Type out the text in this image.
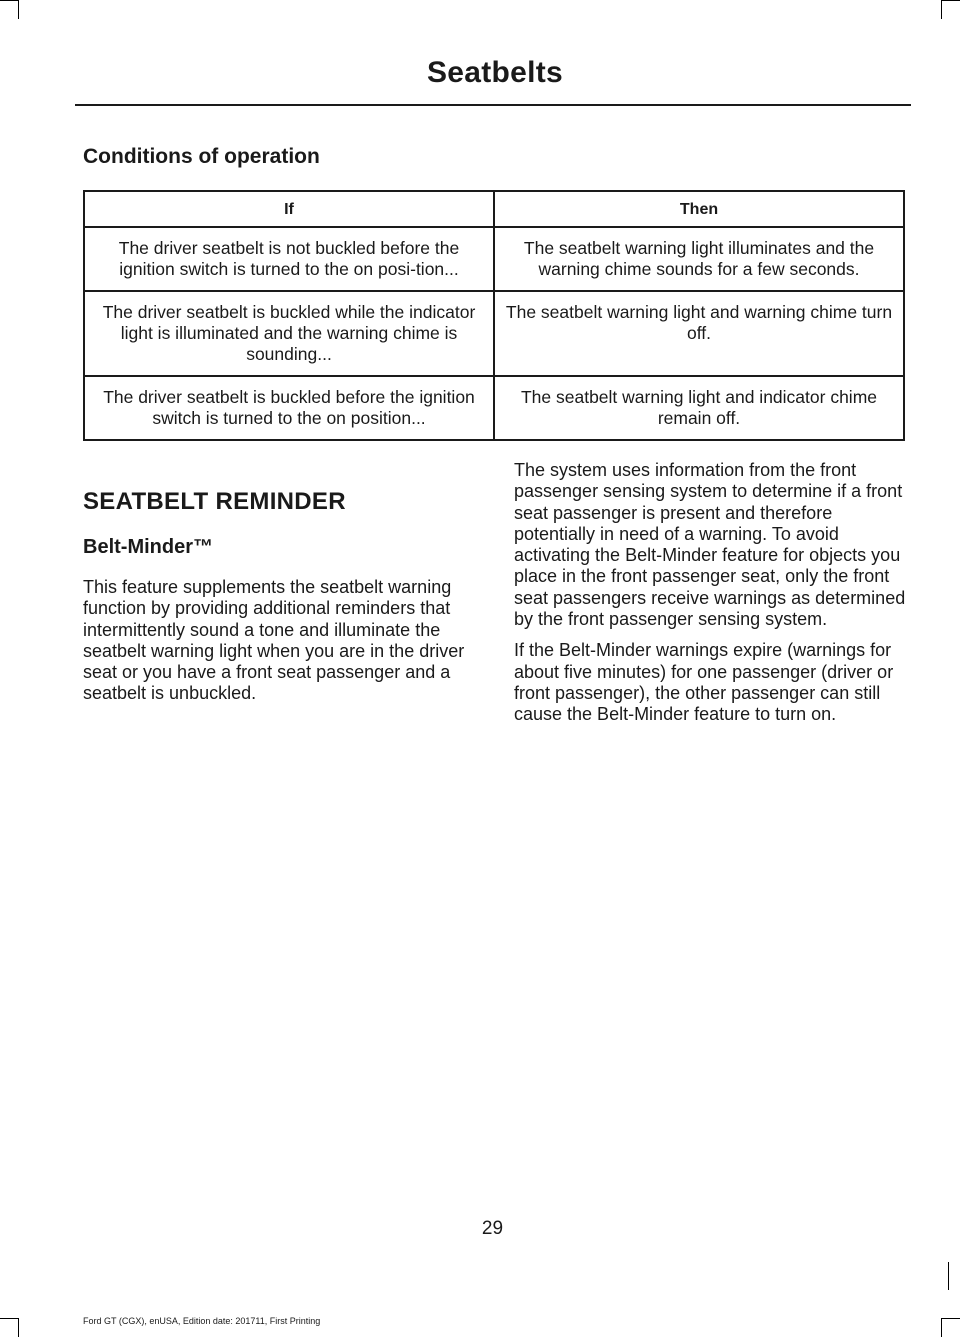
Seatbelts
Conditions of operation
If	Then
The driver seatbelt is not buckled before the ignition switch is turned to the on posi-tion...	The seatbelt warning light illuminates and the warning chime sounds for a few seconds.
The driver seatbelt is buckled while the indicator light is illuminated and the warning chime is sounding...	The seatbelt warning light and warning chime turn off.
The driver seatbelt is buckled before the ignition switch is turned to the on position...	The seatbelt warning light and indicator chime remain off.
SEATBELT REMINDER
Belt-Minder™

This feature supplements the seatbelt warning function by providing additional reminders that intermittently sound a tone and illuminate the seatbelt warning light when you are in the driver seat or you have a front seat passenger and a seatbelt is unbuckled.

The system uses information from the front passenger sensing system to determine if a front seat passenger is present and therefore potentially in need of a warning. To avoid activating the Belt-Minder feature for objects you place in the front passenger seat, only the front seat passengers receive warnings as determined by the front passenger sensing system.

If the Belt-Minder warnings expire (warnings for about five minutes) for one passenger (driver or front passenger), the other passenger can still cause the Belt-Minder feature to turn on.

29
Ford GT (CGX), enUSA, Edition date: 201711, First Printing
